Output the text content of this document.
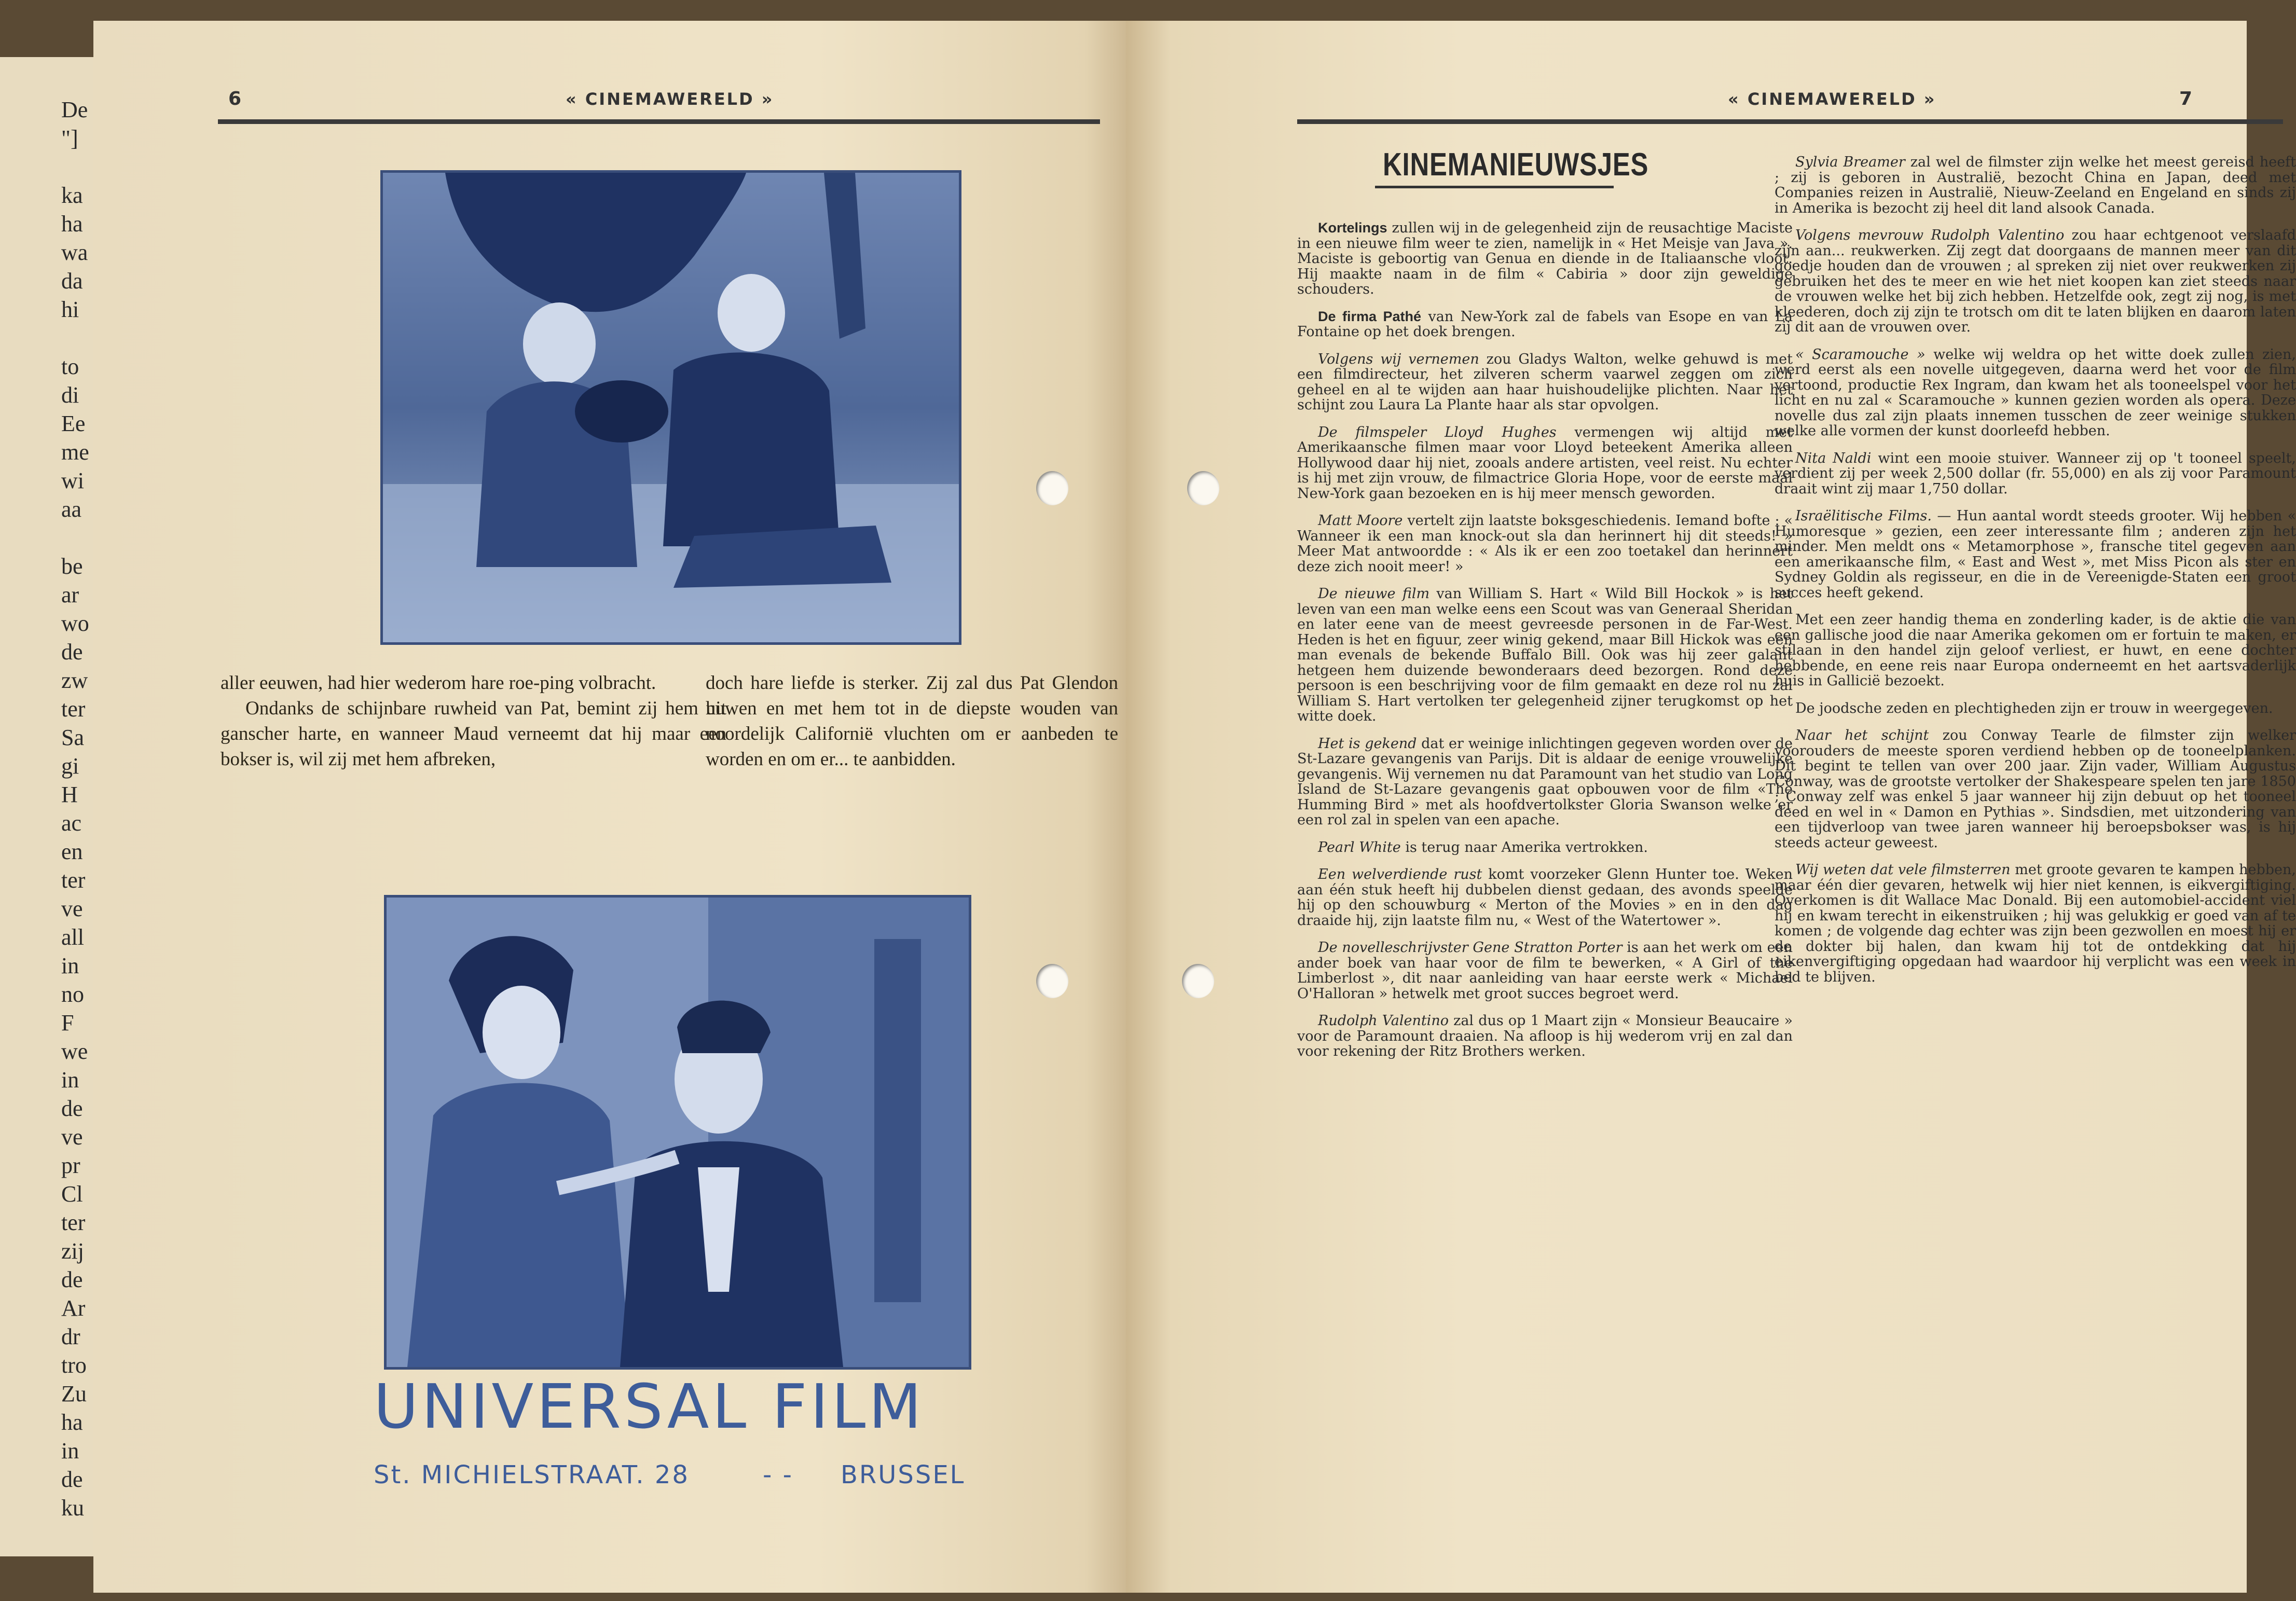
De
"]
ka
ha
wa
da
hi
to
di
Ee
me
wi
aa
be
ar
wo
de
zw
ter
Sa
gi
H
ac
en
ter
ve
all
in
no
F
we
in
de
ve
pr
Cl
ter
zij
de
Ar
dr
tro
Zu
ha
in
de
ku
6	« CINEMAWERELD »

aller eeuwen, had hier wederom hare roe-ping volbracht.

Ondanks de schijnbare ruwheid van Pat, bemint zij hem uit ganscher harte, en wanneer Maud verneemt dat hij maar een bokser is, wil zij met hem afbreken,

doch hare liefde is sterker. Zij zal dus Pat Glendon huwen en met hem tot in de diepste wouden van noordelijk Californië vluchten om er aanbeden te worden en om er... te aanbidden.

UNIVERSAL FILM
St. MICHIELSTRAAT. 28	- - BRUSSEL
« CINEMAWERELD »	7
KINEMANIEUWSJES

Kortelings zullen wij in de gelegenheid zijn de reusachtige Maciste in een nieuwe film weer te zien, namelijk in « Het Meisje van Java ». Maciste is geboortig van Genua en diende in de Italiaansche vloot. Hij maakte naam in de film « Cabiria » door zijn geweldige schouders.

De firma Pathé van New-York zal de fabels van Esope en van La Fontaine op het doek brengen.

Volgens wij vernemen zou Gladys Walton, welke gehuwd is met een filmdirecteur, het zilveren scherm vaarwel zeggen om zich geheel en al te wijden aan haar huishoudelijke plichten. Naar het schijnt zou Laura La Plante haar als star opvolgen.

De filmspeler Lloyd Hughes vermengen wij altijd met Amerikaansche filmen maar voor Lloyd beteekent Amerika alleen Hollywood daar hij niet, zooals andere artisten, veel reist. Nu echter is hij met zijn vrouw, de filmactrice Gloria Hope, voor de eerste maal New-York gaan bezoeken en is hij meer mensch geworden.

Matt Moore vertelt zijn laatste boksgeschiedenis. Iemand bofte : « Wanneer ik een man knock-out sla dan herinnert hij dit steeds! » Meer Mat antwoordde : « Als ik er een zoo toetakel dan herinnert deze zich nooit meer! »

De nieuwe film van William S. Hart « Wild Bill Hockok » is het leven van een man welke eens een Scout was van Generaal Sheridan en later eene van de meest gevreesde personen in de Far-West. Heden is het en figuur, zeer winig gekend, maar Bill Hickok was een man evenals de bekende Buffalo Bill. Ook was hij zeer galant hetgeen hem duizende bewonderaars deed bezorgen. Rond deze persoon is een beschrijving voor de film gemaakt en deze rol nu zal William S. Hart vertolken ter gelegenheid zijner terugkomst op het witte doek.

Het is gekend dat er weinige inlichtingen gegeven worden over de St-Lazare gevangenis van Parijs. Dit is aldaar de eenige vrouwelijke gevangenis. Wij vernemen nu dat Paramount van het studio van Long Island de St-Lazare gevangenis gaat opbouwen voor de film «The Humming Bird » met als hoofdvertolkster Gloria Swanson welke er een rol zal in spelen van een apache.

Pearl White is terug naar Amerika vertrokken.

Een welverdiende rust komt voorzeker Glenn Hunter toe. Weken aan één stuk heeft hij dubbelen dienst gedaan, des avonds speelde hij op den schouwburg « Merton of the Movies » en in den dag draaide hij, zijn laatste film nu, « West of the Watertower ».

De novelleschrijvster Gene Stratton Porter is aan het werk om een ander boek van haar voor de film te bewerken, « A Girl of the Limberlost », dit naar aanleiding van haar eerste werk « Michael O'Halloran » hetwelk met groot succes begroet werd.

Rudolph Valentino zal dus op 1 Maart zijn « Monsieur Beaucaire » voor de Paramount draaien. Na afloop is hij wederom vrij en zal dan voor rekening der Ritz Brothers werken.

Sylvia Breamer zal wel de filmster zijn welke het meest gereisd heeft ; zij is geboren in Australië, bezocht China en Japan, deed met Companies reizen in Australië, Nieuw-Zeeland en Engeland en sinds zij in Amerika is bezocht zij heel dit land alsook Canada.

Volgens mevrouw Rudolph Valentino zou haar echtgenoot verslaafd zijn aan... reukwerken. Zij zegt dat doorgaans de mannen meer van dit goedje houden dan de vrouwen ; al spreken zij niet over reukwerken zij gebruiken het des te meer en wie het niet koopen kan ziet steeds naar de vrouwen welke het bij zich hebben. Hetzelfde ook, zegt zij nog, is met kleederen, doch zij zijn te trotsch om dit te laten blijken en daarom laten zij dit aan de vrouwen over.

« Scaramouche » welke wij weldra op het witte doek zullen zien, werd eerst als een novelle uitgegeven, daarna werd het voor de film vertoond, productie Rex Ingram, dan kwam het als tooneelspel voor het licht en nu zal « Scaramouche » kunnen gezien worden als opera. Deze novelle dus zal zijn plaats innemen tusschen de zeer weinige stukken welke alle vormen der kunst doorleefd hebben.

Nita Naldi wint een mooie stuiver. Wanneer zij op 't tooneel speelt, verdient zij per week 2,500 dollar (fr. 55,000) en als zij voor Paramount draait wint zij maar 1,750 dollar.

Israëlitische Films. — Hun aantal wordt steeds grooter. Wij hebben « Humoresque » gezien, een zeer interessante film ; anderen zijn het minder. Men meldt ons « Metamorphose », fransche titel gegeven aan een amerikaansche film, « East and West », met Miss Picon als ster en Sydney Goldin als regisseur, en die in de Vereenigde-Staten een groot succes heeft gekend.

Met een zeer handig thema en zonderling kader, is de aktie die van een gallische jood die naar Amerika gekomen om er fortuin te maken, er stilaan in den handel zijn geloof verliest, er huwt, en eene dochter hebbende, en eene reis naar Europa onderneemt en het aartsvaderlijk huis in Gallicië bezoekt.

De joodsche zeden en plechtigheden zijn er trouw in weergegeven.

Naar het schijnt zou Conway Tearle de filmster zijn welker voorouders de meeste sporen verdiend hebben op de tooneelplanken. Dit begint te tellen van over 200 jaar. Zijn vader, William Augustus Conway, was de grootste vertolker der Shakespeare spelen ten jare 1850 ; Conway zelf was enkel 5 jaar wanneer hij zijn debuut op het tooneel deed en wel in « Damon en Pythias ». Sindsdien, met uitzondering van een tijdverloop van twee jaren wanneer hij beroepsbokser was, is hij steeds acteur geweest.

Wij weten dat vele filmsterren met groote gevaren te kampen hebben, maar één dier gevaren, hetwelk wij hier niet kennen, is eikvergiftiging. Overkomen is dit Wallace Mac Donald. Bij een automobiel-accident viel hij en kwam terecht in eikenstruiken ; hij was gelukkig er goed van af te komen ; de volgende dag echter was zijn been gezwollen en moest hij er de dokter bij halen, dan kwam hij tot de ontdekking dat hij eikenvergiftiging opgedaan had waardoor hij verplicht was een week in bed te blijven.
